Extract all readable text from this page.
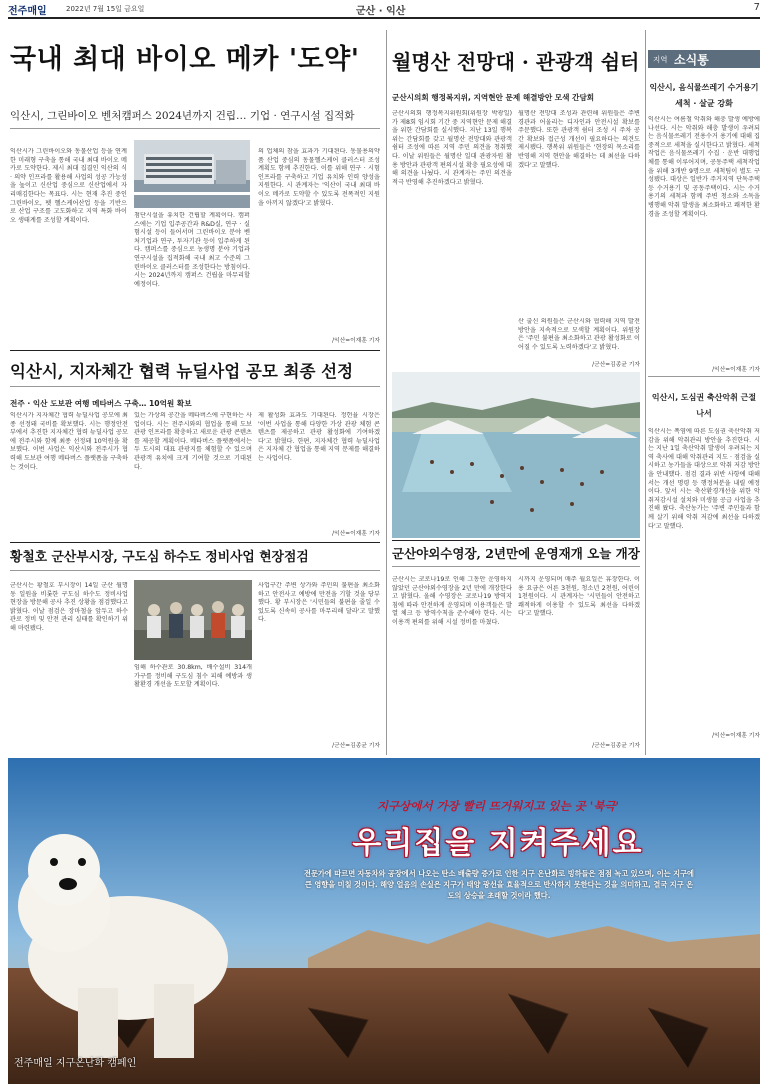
전주매일	2022년 7월 15일 금요일	군산 · 익산	7
국내 최대 바이오 메카 '도약'
익산시, 그린바이오 벤처캠퍼스 2024년까지 건립… 기업 · 연구시설 집적화
익산시가 그린바이오와 동물산업 등을 연계한 미래형 구축을 통해 국내 최대 바이오 메카로 도약한다. 제시 최대 집결인 익산의 식 · 의약 인프라를 활용해 사업의 성공 가능성을 높이고 신산업 중심으로 신산업에서 자리매김한다는 목표다. 시는 현재 추진 중인 그린바이오, 펫 헬스케어산업 등을 기반으로 산업 구조를 고도화하고 지역 특화 바이오 생태계를 조성할 계획이다.
첨단시설을 유치한 건립할 계획이다. 캠퍼스에는 기업 입주공간과 R&D실, 연구 · 실험시설 등이 들어서며 그린바이오 분야 벤처기업과 연구, 투자기관 등이 입주하게 된다. 캠퍼스를 중심으로 농생명 분야 기업과 연구시설을 집적화해 국내 최고 수준의 그린바이오 클러스터를 조성한다는 방침이다. 시는 2024년까지 캠퍼스 건립을 마무리할 예정이다.
의 업체의 참을 효과가 기대된다. 동물용의약품 산업 중심의 동물헬스케어 클러스터 조성 계획도 함께 추진한다. 이를 위해 연구 · 시험 인프라를 구축하고 기업 유치와 인력 양성을 지원한다. 시 관계자는 '익산이 국내 최대 바이오 메카로 도약할 수 있도록 전폭적인 지원을 아끼지 않겠다'고 밝혔다.
/익산=이재훈 기자
익산시, 지자체간 협력 뉴딜사업 공모 최종 선정
전주 · 익산 도보관 여행 메타버스 구축… 10억원 확보
익산시가 지자체간 협력 뉴딜사업 공모에 최종 선정돼 국비를 확보했다. 시는 행정안전부에서 추진한 지자체간 협력 뉴딜사업 공모에 전주시와 함께 최종 선정돼 10억원을 확보했다. 이번 사업은 익산시와 전주시가 협력해 도보관 여행 메타버스 플랫폼을 구축하는 것이다.
있는 가상의 공간을 메타버스에 구현하는 사업이다. 시는 전주시와의 협업을 통해 도보관광 인프라를 확충하고 새로운 관광 콘텐츠를 제공할 계획이다. 메타버스 플랫폼에서는 두 도시의 대표 관광지를 체험할 수 있으며 관광객 유치에 크게 기여할 것으로 기대된다.
제 활성화 효과도 기대된다. 정헌율 시장은 '이번 사업을 통해 다양한 가상 관광 체험 콘텐츠를 제공하고 관광 활성화에 기여하겠다'고 밝혔다. 한편, 지자체간 협력 뉴딜사업은 지자체 간 협업을 통해 지역 문제를 해결하는 사업이다.
/익산=이재훈 기자
황철호 군산부시장, 구도심 하수도 정비사업 현장점검
군산시는 황철호 부시장이 14일 군산 월명동 일원을 비롯한 구도심 하수도 정비사업 현장을 방문해 공사 추진 상황을 점검했다고 밝혔다. 이날 점검은 장마철을 앞두고 하수관로 정비 및 안전 관리 실태를 확인하기 위해 마련됐다.
임해 하수관로 30.8km, 배수설비 314개 가구를 정비해 구도심 침수 피해 예방과 생활환경 개선을 도모할 계획이다.
사업구간 주변 상가와 주민의 불편을 최소화하고 안전사고 예방에 만전을 기할 것을 당부했다. 황 부시장은 '시민들의 불편을 줄일 수 있도록 신속히 공사를 마무리해 달라'고 말했다.
/군산=김종균 기자
월명산 전망대 · 관광객 쉼터
군산시의회 행정복지위, 지역현안 문제 해결방안 모색 간담회
군산시의회 행정복지위원회(위원장 박광일)가 제8회 임시회 기간 중 지역현안 문제 해결을 위한 간담회를 실시했다. 지난 13일 행복위는 간담회를 갖고 월명산 전망대와 관광객 쉼터 조성에 따른 지역 주민 의견을 청취했다. 이날 위원들은 월명산 일대 관광자원 활용 방안과 관광객 편의시설 확충 필요성에 대해 의견을 나눴다. 시 관계자는 주민 의견을 적극 반영해 추진하겠다고 밝혔다.
월명산 전망대 조성과 관련해 위원들은 주변 경관과 어울리는 디자인과 안전시설 확보를 주문했다. 또한 관광객 쉼터 조성 시 주차 공간 확보와 접근성 개선이 필요하다는 의견도 제시됐다. 행복위 위원들은 '현장의 목소리를 반영해 지역 현안을 해결하는 데 최선을 다하겠다'고 말했다.
산 출신 의원들은 군산시와 협력해 지역 발전 방안을 지속적으로 모색할 계획이다. 위원장은 '주민 불편을 최소화하고 관광 활성화로 이어질 수 있도록 노력하겠다'고 밝혔다.
/군산=김종균 기자
군산야외수영장, 2년만에 운영재개 오늘 개장
군산시는 코로나19로 인해 그동안 운영하지 않았던 군산야외수영장을 2년 만에 개장한다고 밝혔다. 올해 수영장은 코로나19 방역지침에 따라 안전하게 운영되며 이용객들은 발열 체크 등 방역수칙을 준수해야 한다. 시는 이용객 편의를 위해 시설 정비를 마쳤다.
시까지 운영되며 매주 월요일은 휴장한다. 이용 요금은 어른 3천원, 청소년 2천원, 어린이 1천원이다. 시 관계자는 '시민들이 안전하고 쾌적하게 이용할 수 있도록 최선을 다하겠다'고 말했다.
/군산=김종균 기자
지역 소식통
익산시, 음식물쓰레기 수거용기 세척 · 살균 강화
익산시는 여름철 악취와 해충 발생 예방에 나선다. 시는 악취와 해충 발생이 우려되는 음식물쓰레기 전용수거 용기에 대해 집중적으로 세척을 실시한다고 밝혔다. 세척 작업은 음식물쓰레기 수집 · 운반 대행업체를 통해 이루어지며, 공동주택 세척작업을 위해 3개반 9명으로 세척팀이 별도 구성됐다. 대상은 일반가 주거지역 단독주택 등 수거용기 및 공동주택이다. 시는 수거용기의 세척과 함께 주변 청소와 소독을 병행해 악취 발생을 최소화하고 쾌적한 환경을 조성할 계획이다.
/익산=이재훈 기자
익산시, 도심권 축산악취 근절 나서
익산시는 폭염에 따른 도심권 축산악취 저감을 위해 악취관리 방안을 추진한다. 시는 지난 1일 축산악취 발생이 우려되는 지역 축사에 대해 악취관리 지도 · 점검을 실시하고 농가들을 대상으로 악취 저감 방안을 안내했다. 점검 결과 위반 사항에 대해서는 개선 명령 등 행정처분을 내릴 예정이다. 앞서 시는 축산환경개선을 위한 악취저감시설 설치와 미생물 공급 사업을 추진해 왔다. 축산농가는 '주변 주민들과 함께 살기 위해 악취 저감에 최선을 다하겠다'고 말했다.
/익산=이재훈 기자
지구상에서 가장 빨리 뜨거워지고 있는 곳 '북극'
우리집을 지켜주세요
전문가에 따르면 자동차와 공장에서 나오는 탄소 배출량 증가로 인한 지구 온난화로 빙하들은 점점 녹고 있으며, 이는 지구에 큰 영향을 미칠 것이다. 해양 얼음의 손실은 지구가 태양 광선을 효율적으로 반사하지 못한다는 것을 의미하고, 결국 지구 온도의 상승을 초래할 것이라 했다.
전주매일 지구온난화 캠페인
